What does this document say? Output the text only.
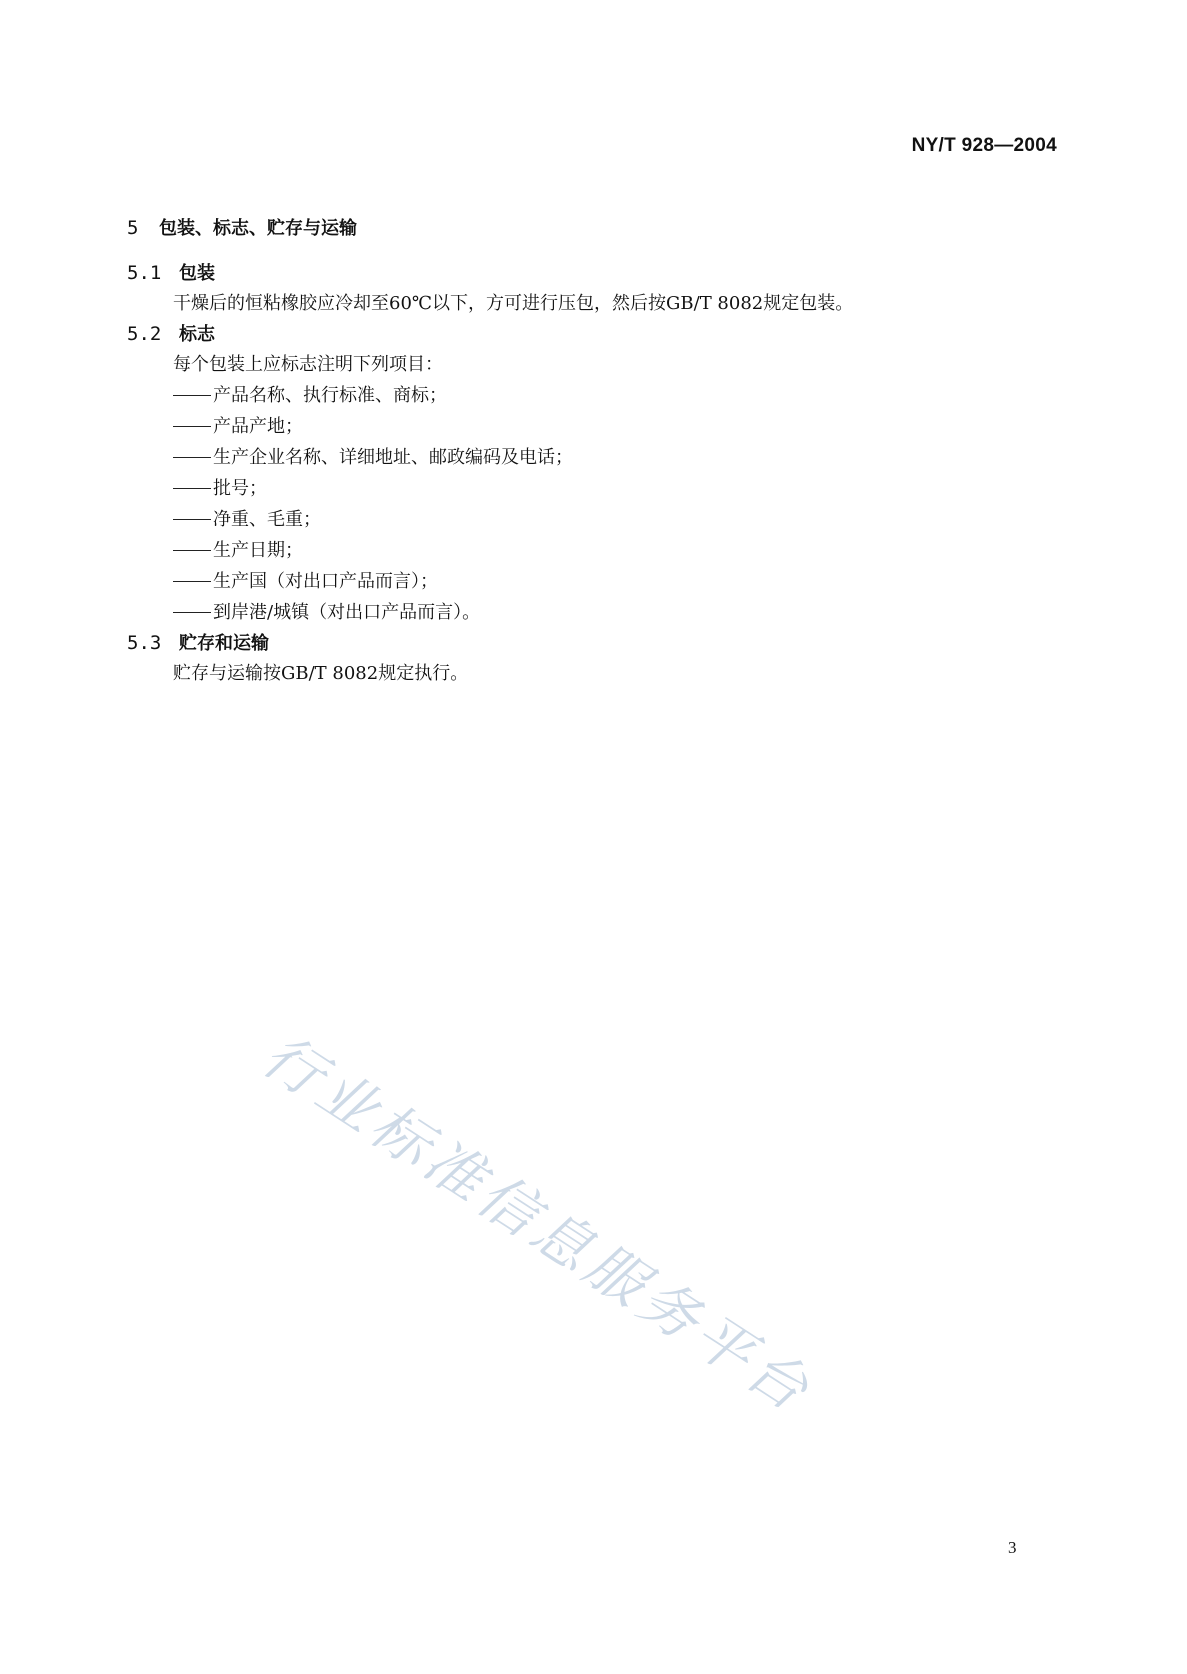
NY/T 928—2004
5 包装、标志、贮存与运输
5.1 包装
干燥后的恒粘橡胶应冷却至60℃以下，方可进行压包，然后按GB/T 8082规定包装。
5.2 标志
每个包装上应标志注明下列项目：
产品名称、执行标准、商标；
产品产地；
生产企业名称、详细地址、邮政编码及电话；
批号；
净重、毛重；
生产日期；
生产国（对出口产品而言）；
到岸港/城镇（对出口产品而言）。
5.3 贮存和运输
贮存与运输按GB/T 8082规定执行。
行业标准信息服务平台
3
